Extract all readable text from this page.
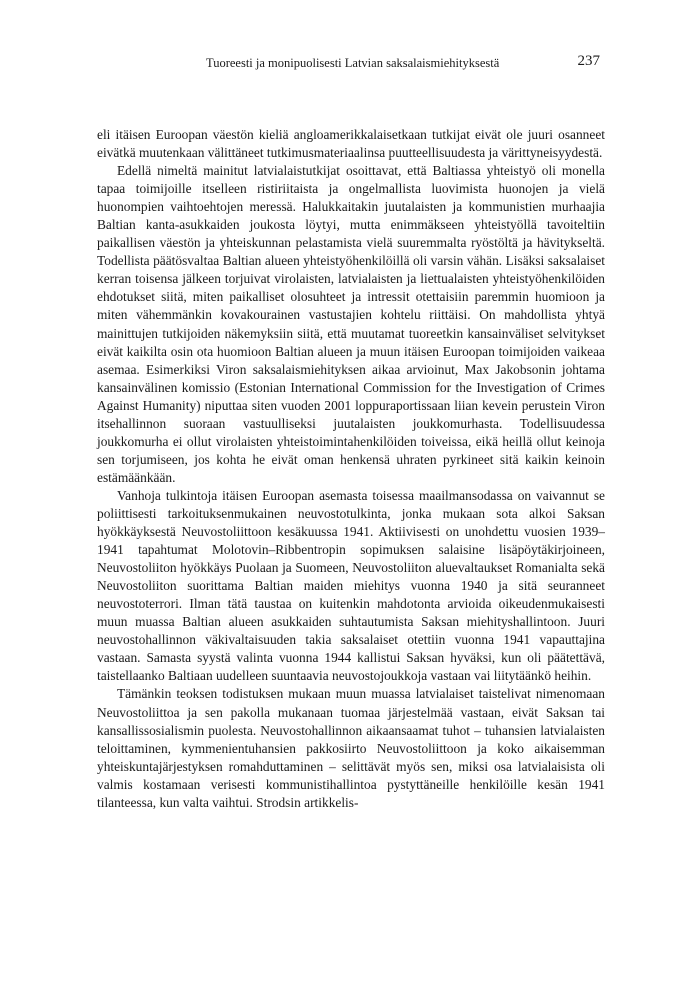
Tuoreesti ja monipuolisesti Latvian saksalaismiehityksestä	237

eli itäisen Euroopan väestön kieliä angloamerikkalaisetkaan tutkijat eivät ole juuri osanneet eivätkä muutenkaan välittäneet tutkimusmateriaalinsa puutteellisuudesta ja värittyneisyydestä.

Edellä nimeltä mainitut latvialaistutkijat osoittavat, että Baltiassa yhteistyö oli monella tapaa toimijoille itselleen ristiriitaista ja ongelmallista luovimista huonojen ja vielä huonompien vaihtoehtojen meressä. Halukkaitakin juutalaisten ja kommunistien murhaajia Baltian kanta-asukkaiden joukosta löytyi, mutta enimmäkseen yhteistyöllä tavoiteltiin paikallisen väestön ja yhteiskunnan pelastamista vielä suuremmalta ryöstöltä ja hävitykseltä. Todellista päätösvaltaa Baltian alueen yhteistyöhenkilöillä oli varsin vähän. Lisäksi saksalaiset kerran toisensa jälkeen torjuivat virolaisten, latvialaisten ja liettualaisten yhteistyöhenkilöiden ehdotukset siitä, miten paikalliset olosuhteet ja intressit otettaisiin paremmin huomioon ja miten vähemmänkin kovakourainen vastustajien kohtelu riittäisi. On mahdollista yhtyä mainittujen tutkijoiden näkemyksiin siitä, että muutamat tuoreetkin kansainväliset selvitykset eivät kaikilta osin ota huomioon Baltian alueen ja muun itäisen Euroopan toimijoiden vaikeaa asemaa. Esimerkiksi Viron saksalaismiehityksen aikaa arvioinut, Max Jakobsonin johtama kansainvälinen komissio (Estonian International Commission for the Investigation of Crimes Against Humanity) niputtaa siten vuoden 2001 loppuraportissaan liian kevein perustein Viron itsehallinnon suoraan vastuulliseksi juutalaisten joukkomurhasta. Todellisuudessa joukkomurha ei ollut virolaisten yhteistoimintahenkilöiden toiveissa, eikä heillä ollut keinoja sen torjumiseen, jos kohta he eivät oman henkensä uhraten pyrkineet sitä kaikin keinoin estämäänkään.

Vanhoja tulkintoja itäisen Euroopan asemasta toisessa maailmansodassa on vaivannut se poliittisesti tarkoituksenmukainen neuvostotulkinta, jonka mukaan sota alkoi Saksan hyökkäyksestä Neuvostoliittoon kesäkuussa 1941. Aktiivisesti on unohdettu vuosien 1939–1941 tapahtumat Molotovin–Ribbentropin sopimuksen salaisine lisäpöytäkirjoineen, Neuvostoliiton hyökkäys Puolaan ja Suomeen, Neuvostoliiton aluevaltaukset Romanialta sekä Neuvostoliiton suorittama Baltian maiden miehitys vuonna 1940 ja sitä seuranneet neuvostoterrori. Ilman tätä taustaa on kuitenkin mahdotonta arvioida oikeudenmukaisesti muun muassa Baltian alueen asukkaiden suhtautumista Saksan miehityshallintoon. Juuri neuvostohallinnon väkivaltaisuuden takia saksalaiset otettiin vuonna 1941 vapauttajina vastaan. Samasta syystä valinta vuonna 1944 kallistui Saksan hyväksi, kun oli päätettävä, taistellaanko Baltiaan uudelleen suuntaavia neuvostojoukkoja vastaan vai liitytäänkö heihin.

Tämänkin teoksen todistuksen mukaan muun muassa latvialaiset taistelivat nimenomaan Neuvostoliittoa ja sen pakolla mukanaan tuomaa järjestelmää vastaan, eivät Saksan tai kansallissosialismin puolesta. Neuvostohallinnon aikaansaamat tuhot – tuhansien latvialaisten teloittaminen, kymmenientuhansien pakkosiirto Neuvostoliittoon ja koko aikaisemman yhteiskuntajärjestyksen romahduttaminen – selittävät myös sen, miksi osa latvialaisista oli valmis kostamaan verisesti kommunistihallintoa pystyttäneille henkilöille kesän 1941 tilanteessa, kun valta vaihtui. Strodsin artikkelis-
